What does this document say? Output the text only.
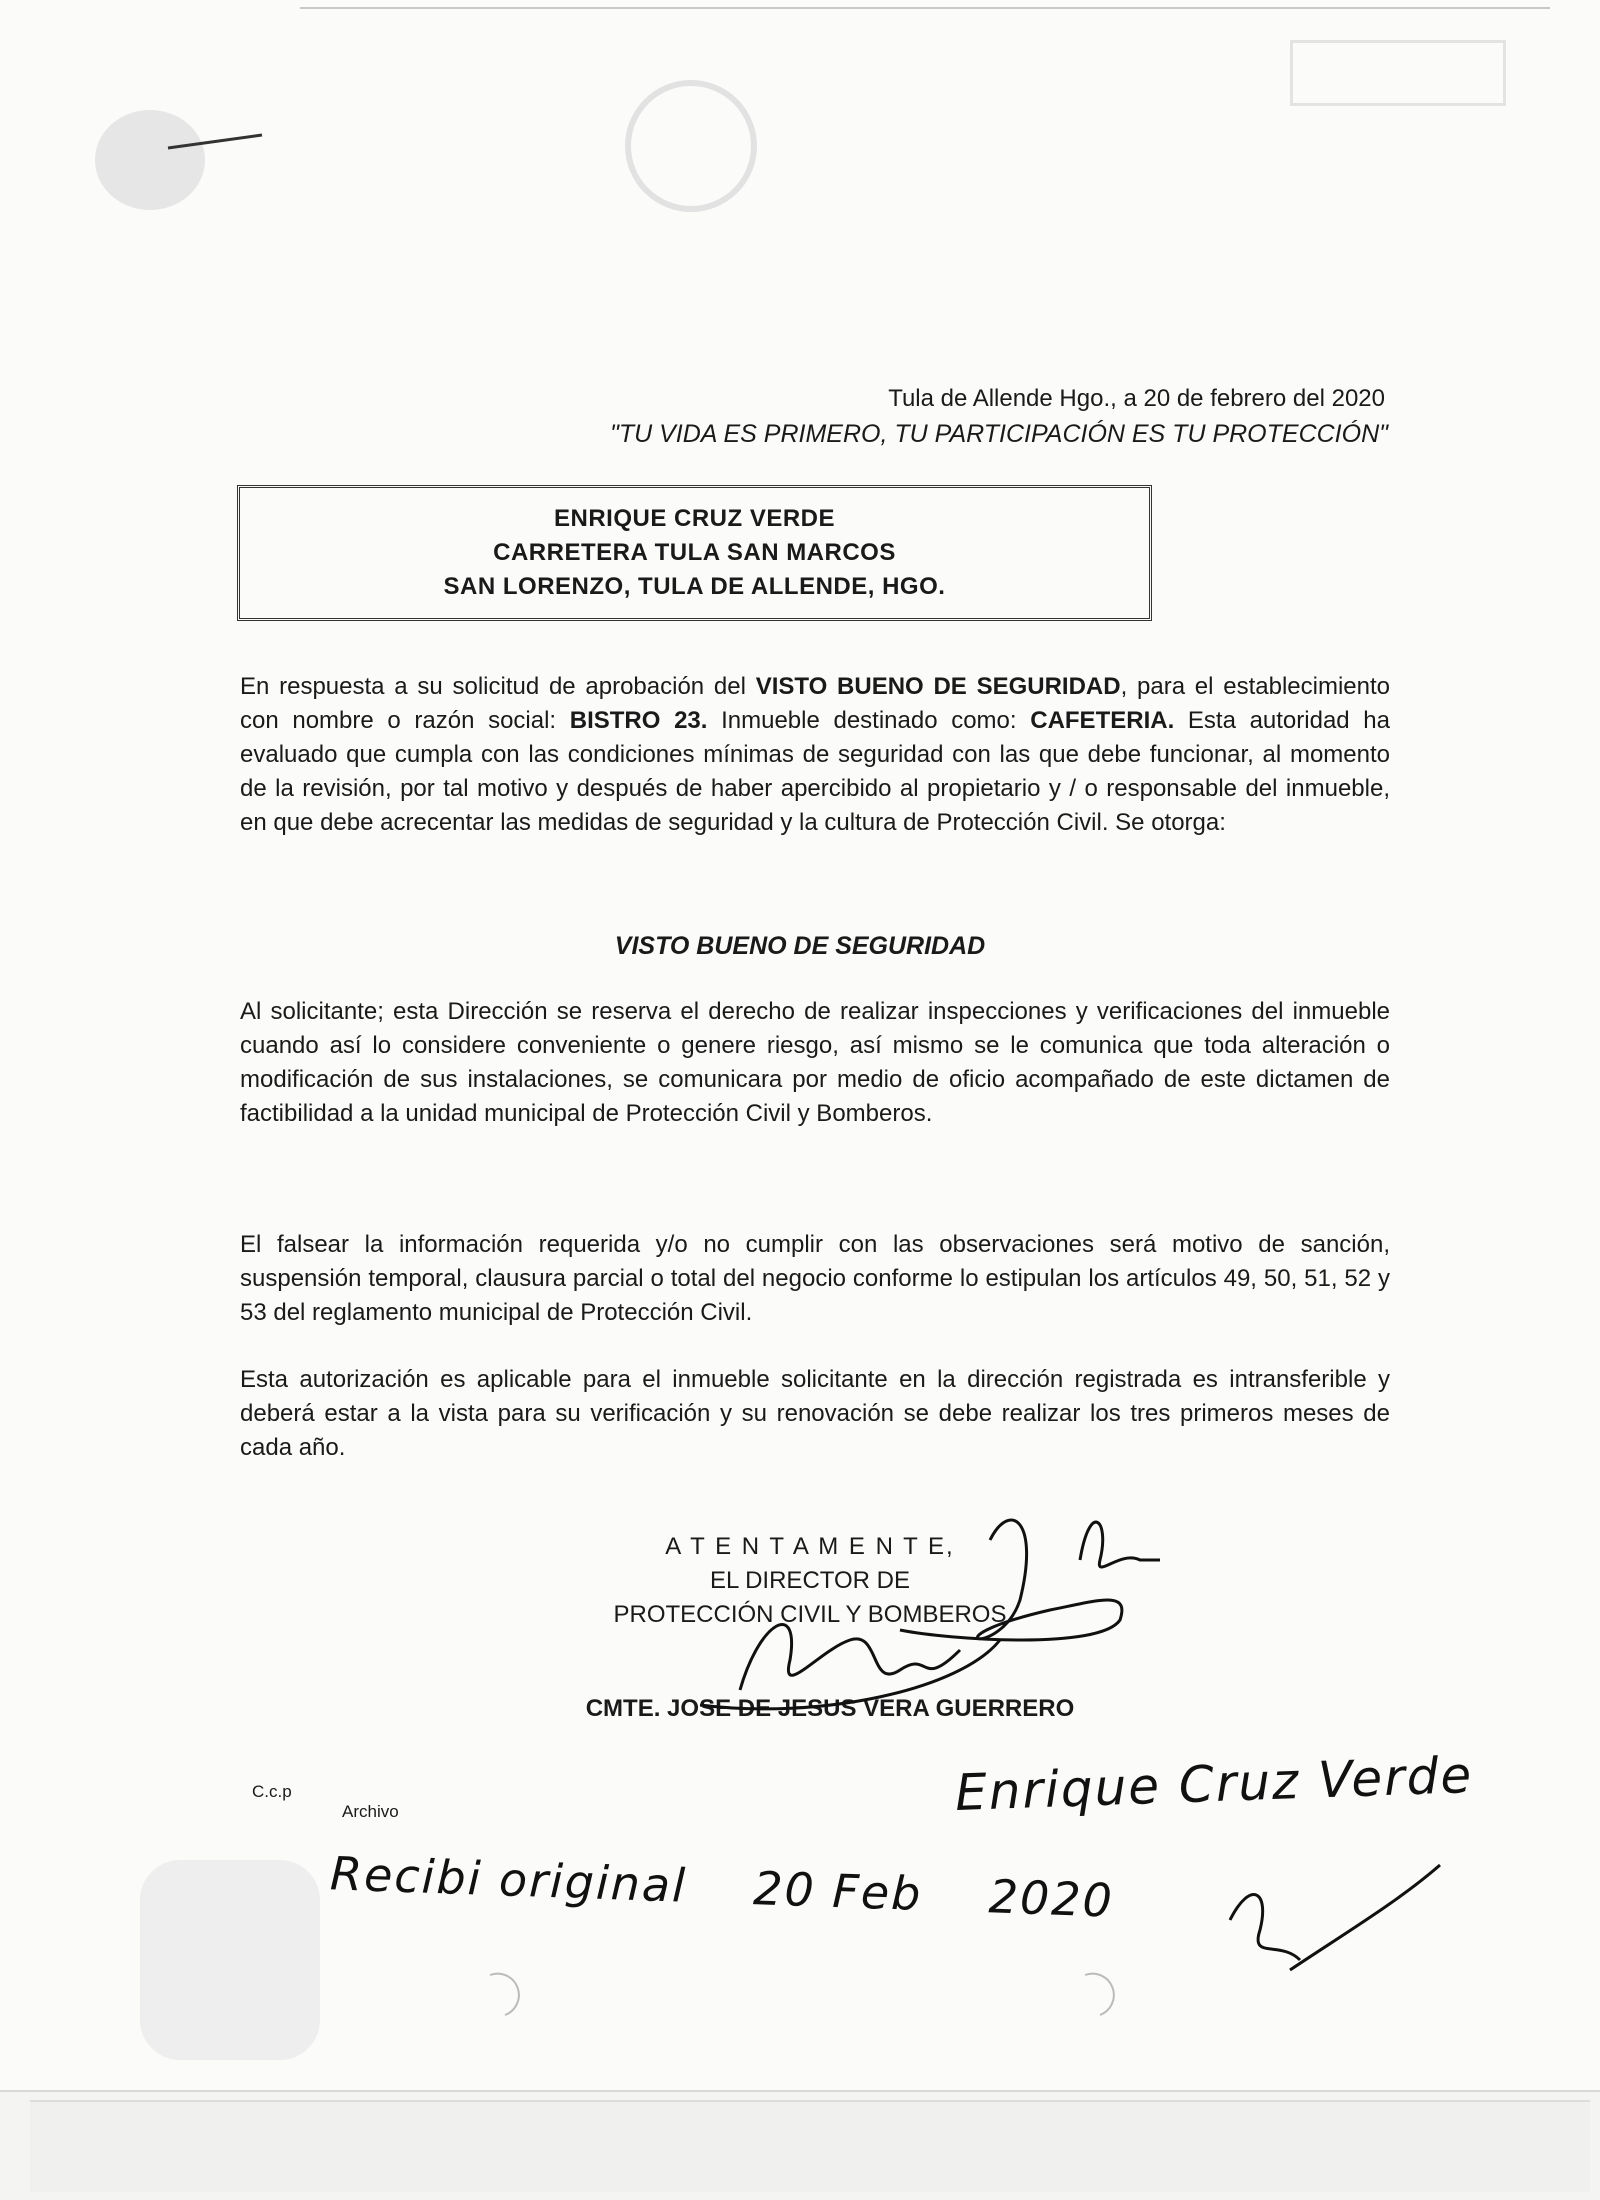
Tula de Allende Hgo., a 20 de febrero del 2020
"TU VIDA ES PRIMERO, TU PARTICIPACIÓN ES TU PROTECCIÓN"
ENRIQUE CRUZ VERDE
CARRETERA TULA SAN MARCOS
SAN LORENZO, TULA DE ALLENDE, HGO.
En respuesta a su solicitud de aprobación del VISTO BUENO DE SEGURIDAD, para el establecimiento con nombre o razón social: BISTRO 23. Inmueble destinado como: CAFETERIA. Esta autoridad ha evaluado que cumpla con las condiciones mínimas de seguridad con las que debe funcionar, al momento de la revisión, por tal motivo y después de haber apercibido al propietario y / o responsable del inmueble, en que debe acrecentar las medidas de seguridad y la cultura de Protección Civil. Se otorga:
VISTO BUENO DE SEGURIDAD
Al solicitante; esta Dirección se reserva el derecho de realizar inspecciones y verificaciones del inmueble cuando así lo considere conveniente o genere riesgo, así mismo se le comunica que toda alteración o modificación de sus instalaciones, se comunicara por medio de oficio acompañado de este dictamen de factibilidad a la unidad municipal de Protección Civil y Bomberos.
El falsear la información requerida y/o no cumplir con las observaciones será motivo de sanción, suspensión temporal, clausura parcial o total del negocio conforme lo estipulan los artículos 49, 50, 51, 52 y 53 del reglamento municipal de Protección Civil.
Esta autorización es aplicable para el inmueble solicitante en la dirección registrada es intransferible y deberá estar a la vista para su verificación y su renovación se debe realizar los tres primeros meses de cada año.
A T E N T A M E N T E,
EL DIRECTOR DE
PROTECCIÓN CIVIL Y BOMBEROS
CMTE. JOSE DE JESUS VERA GUERRERO
C.c.p
Archivo	Enrique Cruz Verde
Recibi original    20 Feb    2020
